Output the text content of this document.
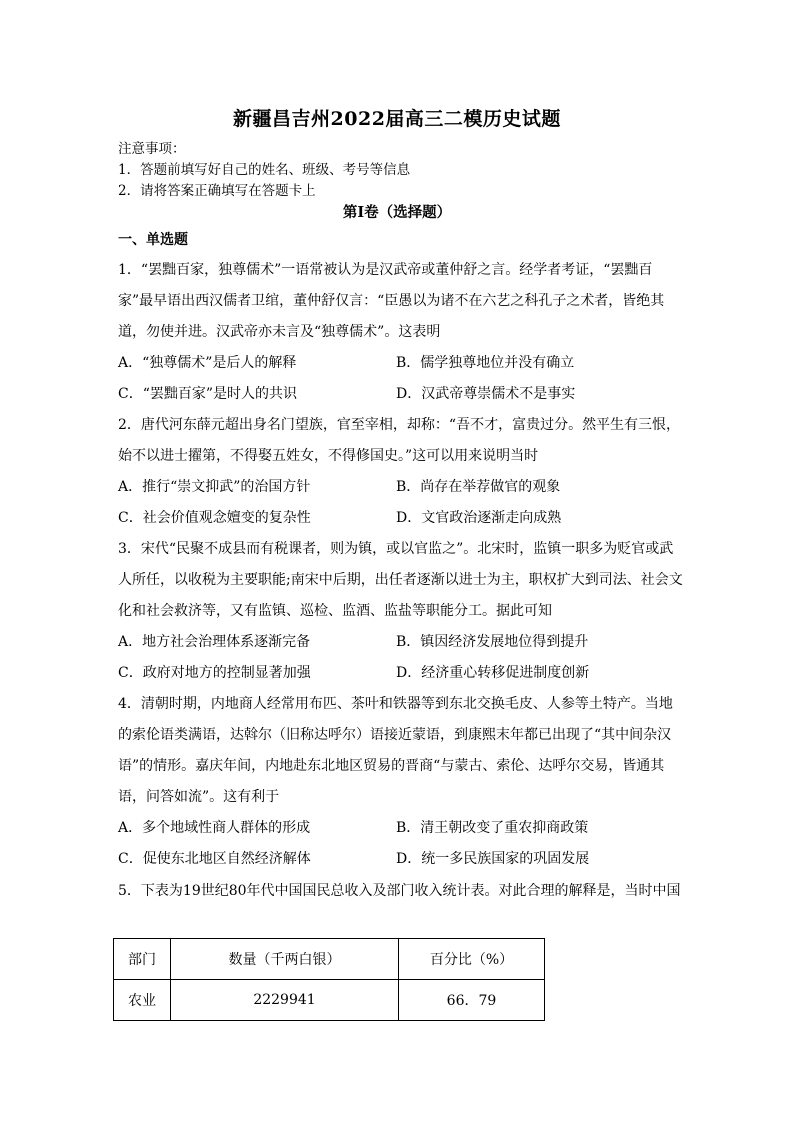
新疆昌吉州2022届高三二模历史试题
注意事项：
1．答题前填写好自己的姓名、班级、考号等信息
2．请将答案正确填写在答题卡上
第I卷（选择题）
一、单选题
1．“罢黜百家，独尊儒术”一语常被认为是汉武帝或董仲舒之言。经学者考证，“罢黜百家”最早语出西汉儒者卫绾，董仲舒仅言：“臣愚以为诸不在六艺之科孔子之术者，皆绝其道，勿使并进。汉武帝亦未言及“独尊儒术”。这表明
A．“独尊儒术”是后人的解释	B．儒学独尊地位并没有确立
C．“罢黜百家”是时人的共识	D．汉武帝尊崇儒术不是事实
2．唐代河东薛元超出身名门望族，官至宰相，却称：“吾不才，富贵过分。然平生有三恨，始不以进士擢第，不得娶五姓女，不得修国史。”这可以用来说明当时
A．推行“崇文抑武”的治国方针	B．尚存在举荐做官的观象
C．社会价值观念嬗变的复杂性	D．文官政治逐渐走向成熟
3．宋代“民聚不成县而有税课者，则为镇，或以官监之”。北宋时，监镇一职多为贬官或武人所任，以收税为主要职能;南宋中后期，出任者逐渐以进士为主，职权扩大到司法、社会文化和社会救济等，又有监镇、巡检、监酒、监盐等职能分工。据此可知
A．地方社会治理体系逐渐完备	B．镇因经济发展地位得到提升
C．政府对地方的控制显著加强	D．经济重心转移促进制度创新
4．清朝时期，内地商人经常用布匹、茶叶和铁器等到东北交换毛皮、人参等土特产。当地的索伦语类满语，达斡尔（旧称达呼尔）语接近蒙语，到康熙末年都已出现了“其中间杂汉语”的情形。嘉庆年间，内地赴东北地区贸易的晋商“与蒙古、索伦、达呼尔交易，皆通其语，问答如流”。这有利于
A．多个地域性商人群体的形成	B．清王朝改变了重农抑商政策
C．促使东北地区自然经济解体	D．统一多民族国家的巩固发展
5．下表为19世纪80年代中国国民总收入及部门收入统计表。对此合理的解释是，当时中国
部门	数量（千两白银）	百分比（%）
农业	2229941	66．79
